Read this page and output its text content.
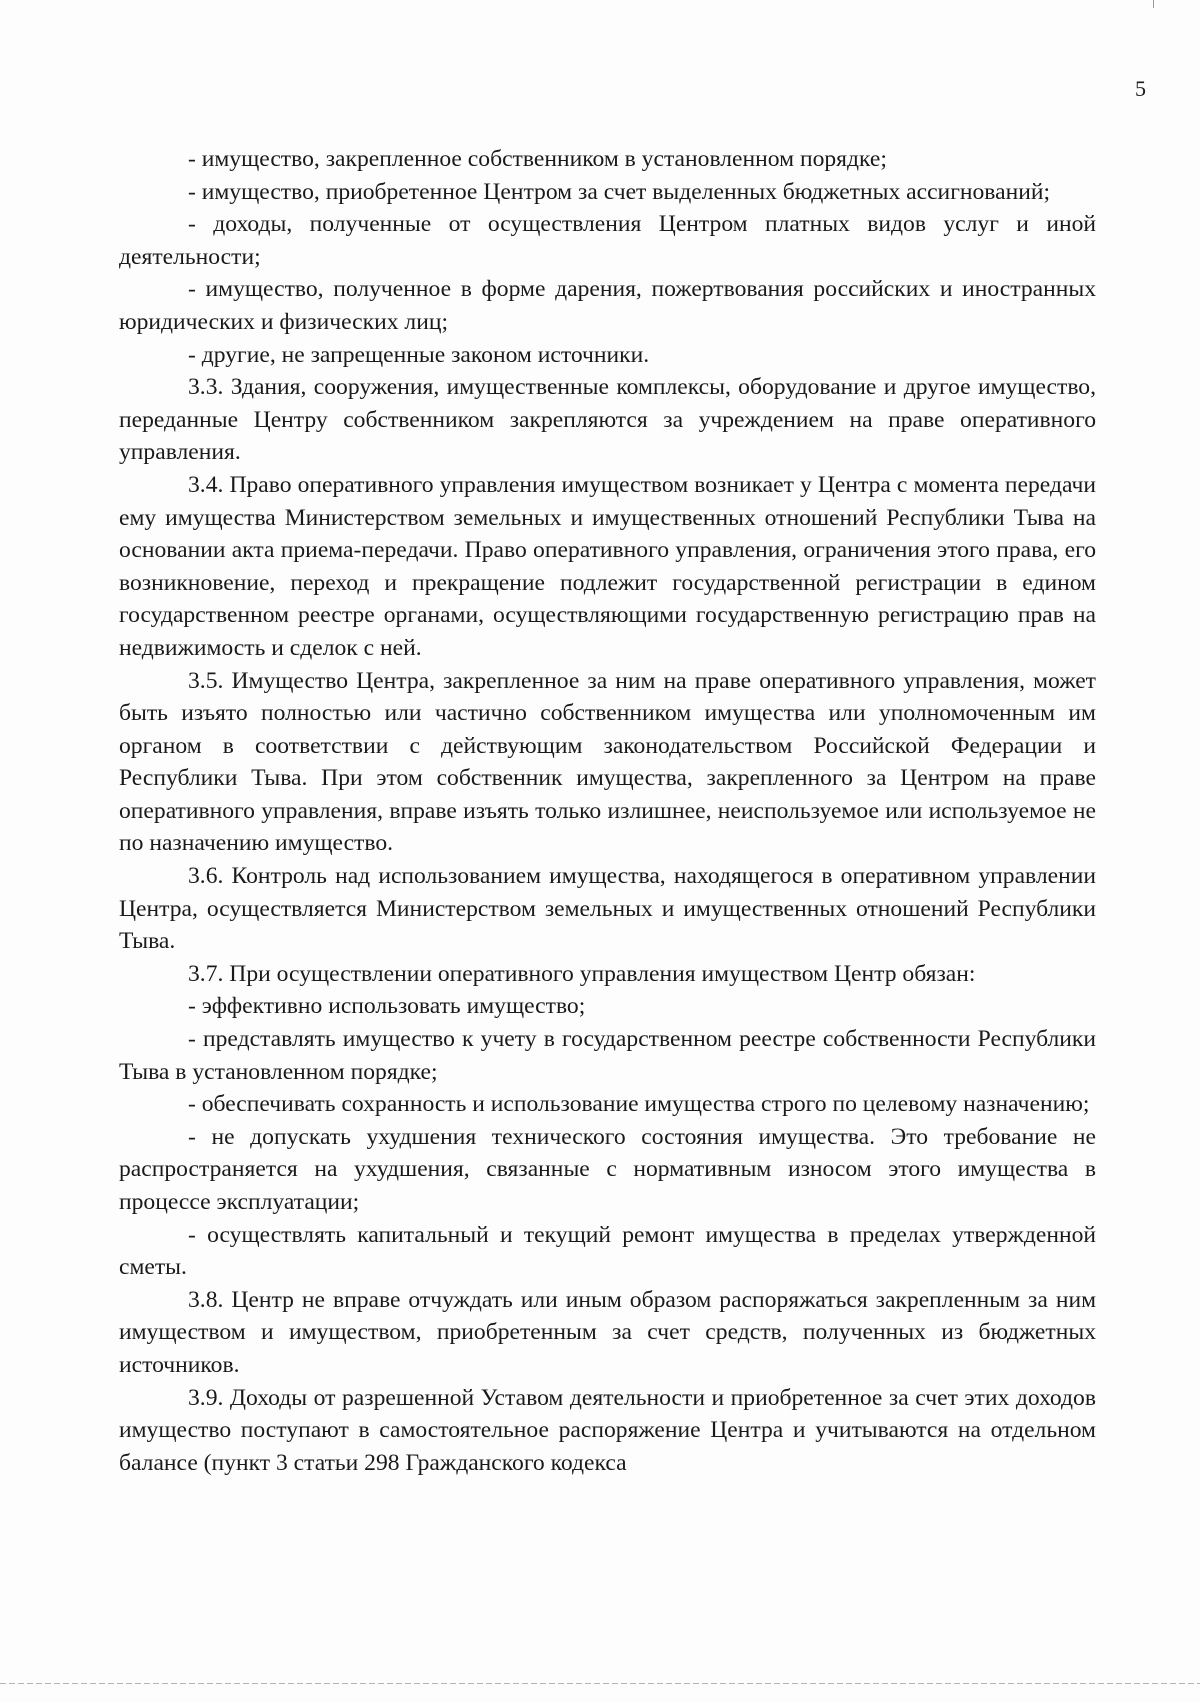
5

- имущество, закрепленное собственником в установленном порядке;

- имущество, приобретенное Центром за счет выделенных бюджетных ассигнований;

- доходы, полученные от осуществления Центром платных видов услуг и иной деятельности;

- имущество, полученное в форме дарения, пожертвования российских и иностранных юридических и физических лиц;

- другие, не запрещенные законом источники.

3.3. Здания, сооружения, имущественные комплексы, оборудование и другое имущество, переданные Центру собственником закрепляются за учреждением на праве оперативного управления.

3.4. Право оперативного управления имуществом возникает у Центра с момента передачи ему имущества Министерством земельных и имущественных отношений Республики Тыва на основании акта приема-передачи. Право оперативного управления, ограничения этого права, его возникновение, переход и прекращение подлежит государственной регистрации в едином государственном реестре органами, осуществляющими государственную регистрацию прав на недвижимость и сделок с ней.

3.5. Имущество Центра, закрепленное за ним на праве оперативного управления, может быть изъято полностью или частично собственником имущества или уполномоченным им органом в соответствии с действующим законодательством Российской Федерации и Республики Тыва. При этом собственник имущества, закрепленного за Центром на праве оперативного управления, вправе изъять только излишнее, неиспользуемое или используемое не по назначению имущество.

3.6. Контроль над использованием имущества, находящегося в оперативном управлении Центра, осуществляется Министерством земельных и имущественных отношений Республики Тыва.

3.7. При осуществлении оперативного управления имуществом Центр обязан:

- эффективно использовать имущество;

- представлять имущество к учету в государственном реестре собственности Республики Тыва в установленном порядке;

- обеспечивать сохранность и использование имущества строго по целевому назначению;

- не допускать ухудшения технического состояния имущества. Это требование не распространяется на ухудшения, связанные с нормативным износом этого имущества в процессе эксплуатации;

- осуществлять капитальный и текущий ремонт имущества в пределах утвержденной сметы.

3.8. Центр не вправе отчуждать или иным образом распоряжаться закрепленным за ним имуществом и имуществом, приобретенным за счет средств, полученных из бюджетных источников.

3.9. Доходы от разрешенной Уставом деятельности и приобретенное за счет этих доходов имущество поступают в самостоятельное распоряжение Центра и учитываются на отдельном балансе (пункт 3 статьи 298 Гражданского кодекса
